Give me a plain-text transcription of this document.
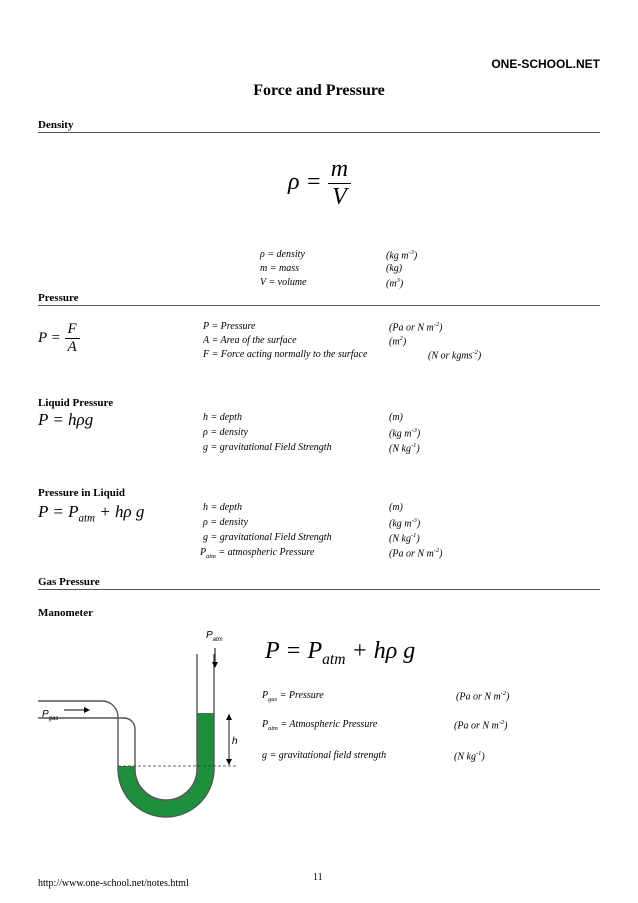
ONE-SCHOOL.NET
Force and Pressure
Density
$\rho = \frac{m}{V}$
ρ = density	(kg $m^{-3}$)
m = mass	(kg)
V = volume	$(m^3)$
Pressure
$P = \frac{F}{A}$	P = Pressure	(Pa or N $m^{-2}$)
A = Area of the surface	$(m^2)$
F = Force acting normally to the surface	(N or kgms$^{-2}$)
Liquid Pressure
P = hρg	h = depth	(m)
ρ = density	(kg $m^{-3}$)
g = gravitational Field Strength	(N $kg^{-1}$)
Pressure in Liquid
$P = P_{atm} + h\rho$ g	h = depth	(m)
ρ = density	(kg $m^{-3}$)
g = gravitational Field Strength	(N $kg^{-1}$)
$P_{atm}$ = atmospheric Pressure	(Pa or N $m^{-2}$)
Gas Pressure
Manometer
$P_{atm}$
$P_{gas}$
h
$P = P_{atm} + h\rho$ g
$P_{gas}$ = Pressure	(Pa or N $m^{-2}$)
$P_{atm}$ = Atmospheric Pressure	(Pa or N $m^{-2}$)
g = gravitational field strength	(N $kg^{-1}$)
http://www.one-school.net/notes.html
11
